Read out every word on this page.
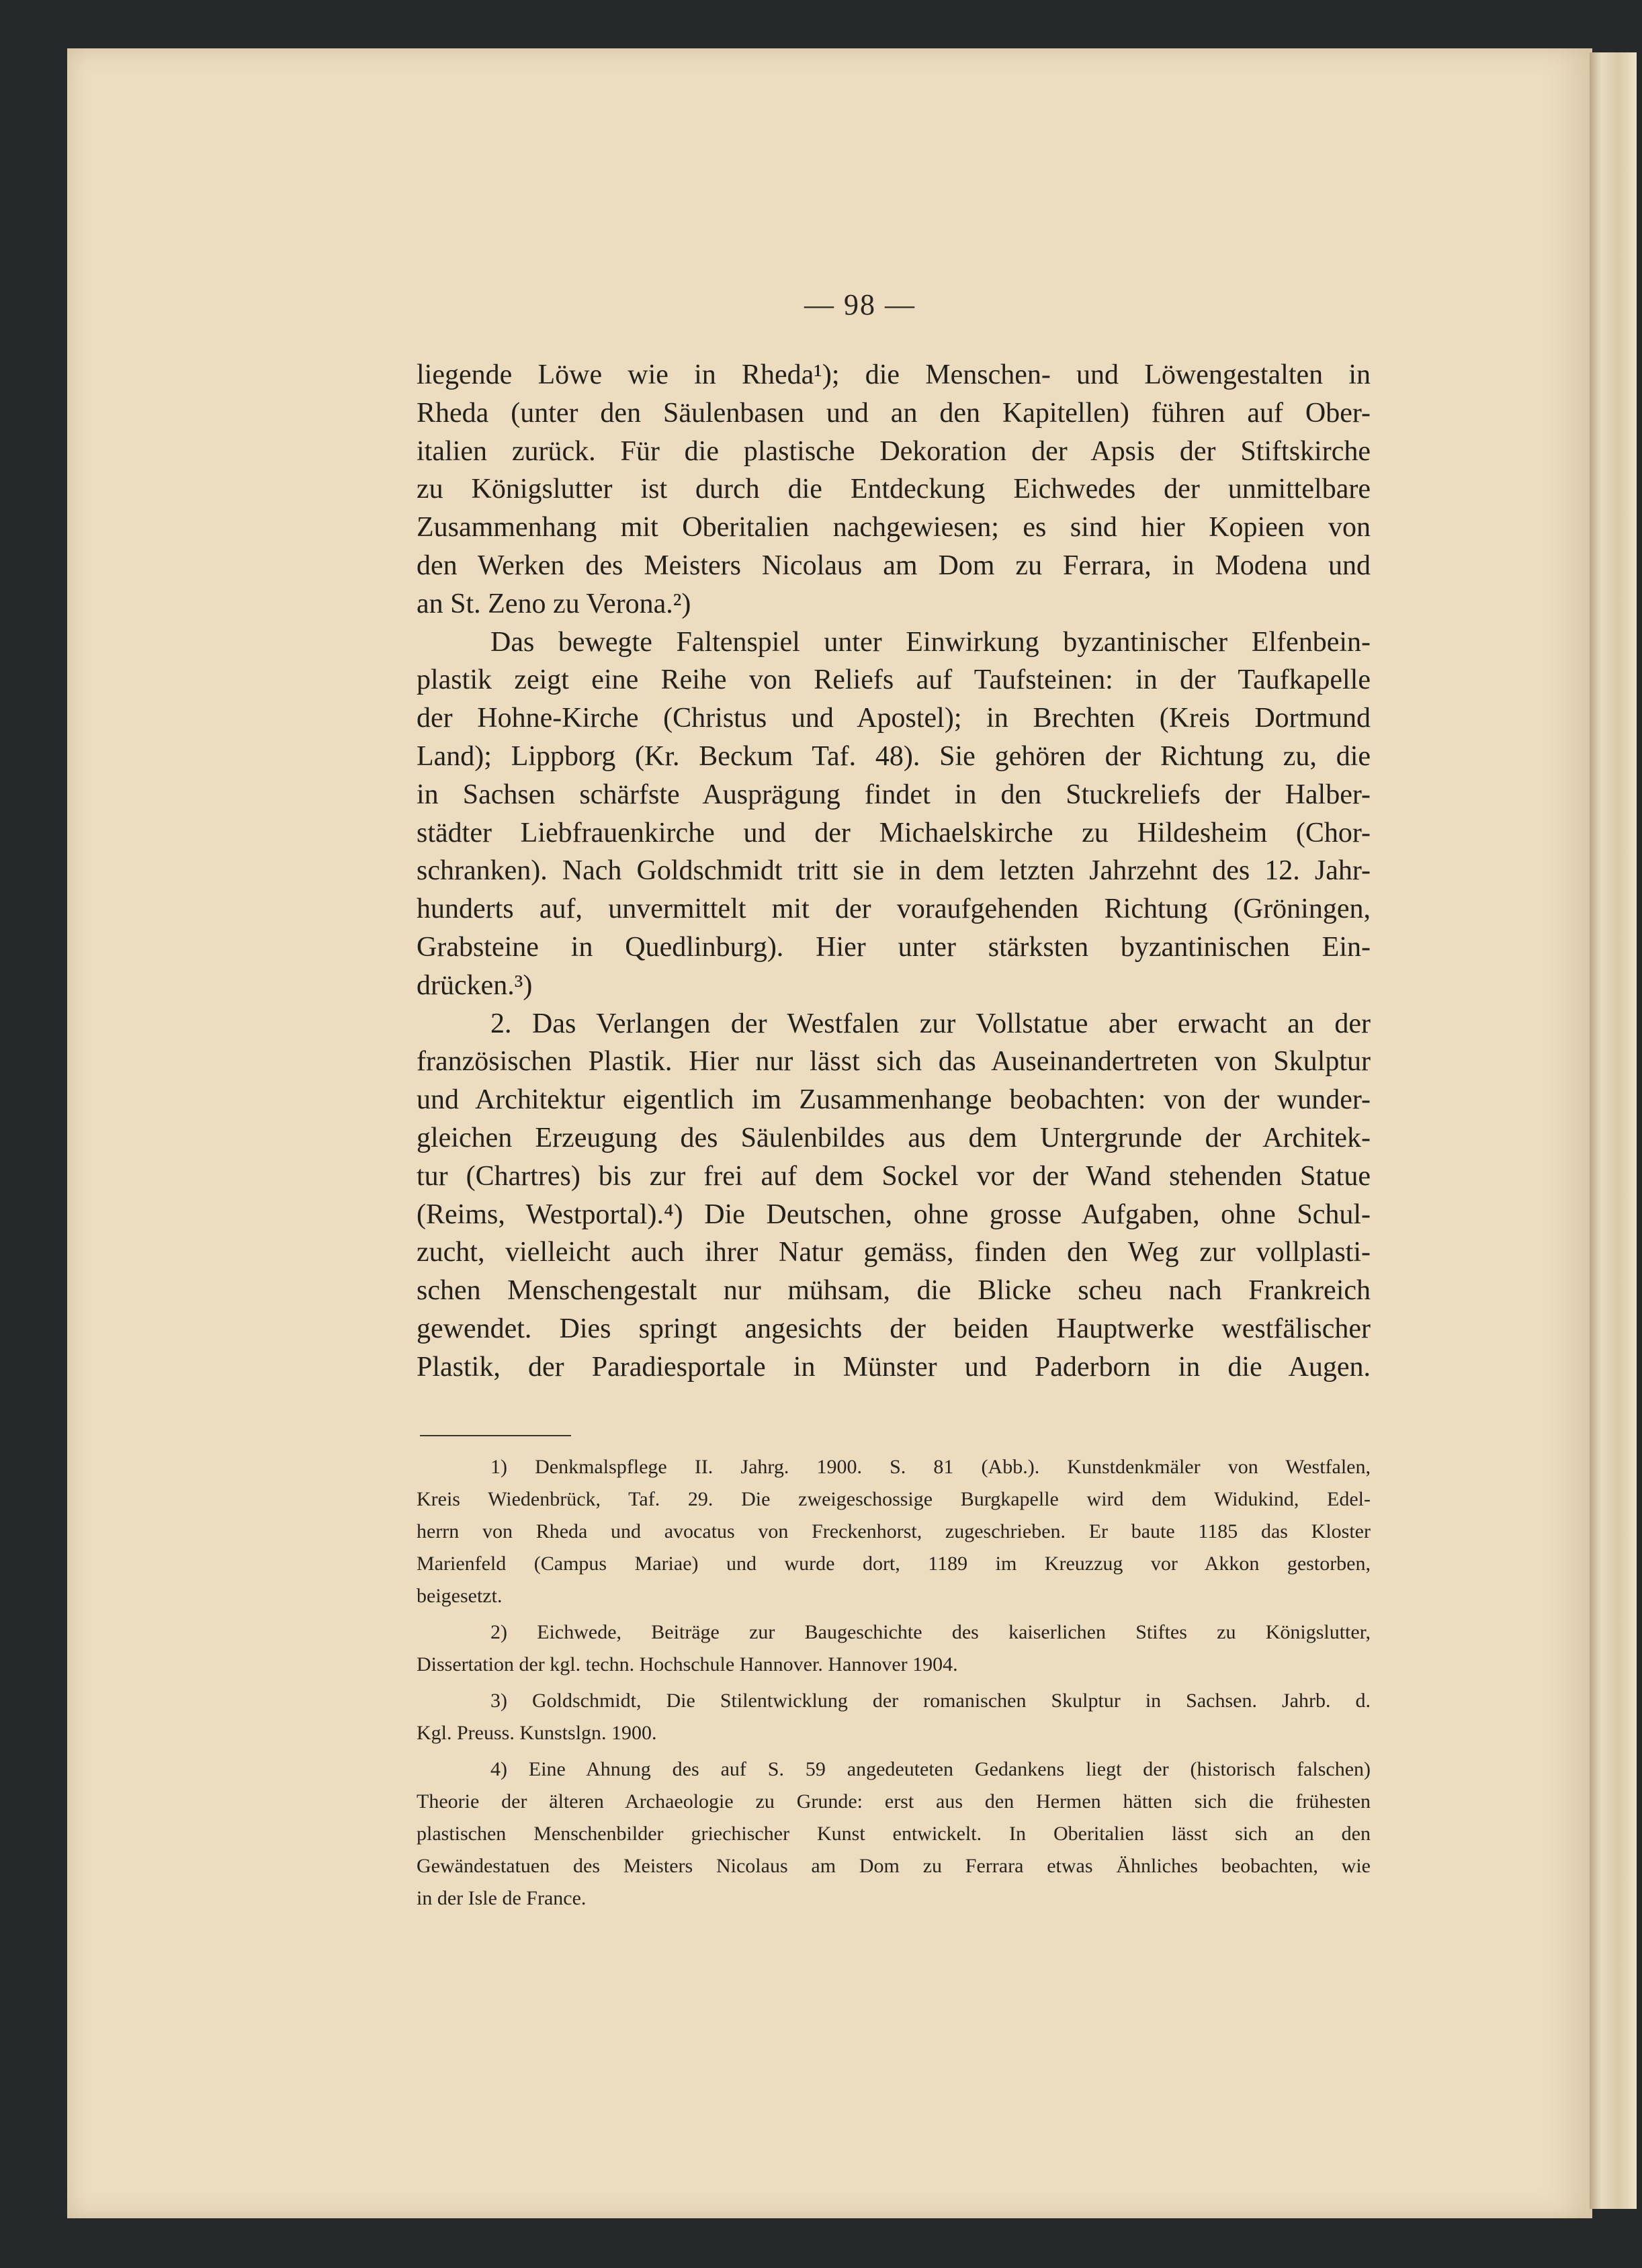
— 98 —
liegende Löwe wie in Rheda¹); die Menschen- und Löwengestalten in
Rheda (unter den Säulenbasen und an den Kapitellen) führen auf Ober-
italien zurück. Für die plastische Dekoration der Apsis der Stiftskirche
zu Königslutter ist durch die Entdeckung Eichwedes der unmittelbare
Zusammenhang mit Oberitalien nachgewiesen; es sind hier Kopieen von
den Werken des Meisters Nicolaus am Dom zu Ferrara, in Modena und
an St. Zeno zu Verona.²)
Das bewegte Faltenspiel unter Einwirkung byzantinischer Elfenbein-
plastik zeigt eine Reihe von Reliefs auf Taufsteinen: in der Taufkapelle
der Hohne-Kirche (Christus und Apostel); in Brechten (Kreis Dortmund
Land); Lippborg (Kr. Beckum Taf. 48). Sie gehören der Richtung zu, die
in Sachsen schärfste Ausprägung findet in den Stuckreliefs der Halber-
städter Liebfrauenkirche und der Michaelskirche zu Hildesheim (Chor-
schranken). Nach Goldschmidt tritt sie in dem letzten Jahrzehnt des 12. Jahr-
hunderts auf, unvermittelt mit der voraufgehenden Richtung (Gröningen,
Grabsteine in Quedlinburg). Hier unter stärksten byzantinischen Ein-
drücken.³)
2. Das Verlangen der Westfalen zur Vollstatue aber erwacht an der
französischen Plastik. Hier nur lässt sich das Auseinandertreten von Skulptur
und Architektur eigentlich im Zusammenhange beobachten: von der wunder-
gleichen Erzeugung des Säulenbildes aus dem Untergrunde der Architek-
tur (Chartres) bis zur frei auf dem Sockel vor der Wand stehenden Statue
(Reims, Westportal).⁴) Die Deutschen, ohne grosse Aufgaben, ohne Schul-
zucht, vielleicht auch ihrer Natur gemäss, finden den Weg zur vollplasti-
schen Menschengestalt nur mühsam, die Blicke scheu nach Frankreich
gewendet. Dies springt angesichts der beiden Hauptwerke westfälischer
Plastik, der Paradiesportale in Münster und Paderborn in die Augen.
1) Denkmalspflege II. Jahrg. 1900. S. 81 (Abb.). Kunstdenkmäler von Westfalen,
Kreis Wiedenbrück, Taf. 29. Die zweigeschossige Burgkapelle wird dem Widukind, Edel-
herrn von Rheda und avocatus von Freckenhorst, zugeschrieben. Er baute 1185 das Kloster
Marienfeld (Campus Mariae) und wurde dort, 1189 im Kreuzzug vor Akkon gestorben,
beigesetzt.
2) Eichwede, Beiträge zur Baugeschichte des kaiserlichen Stiftes zu Königslutter,
Dissertation der kgl. techn. Hochschule Hannover. Hannover 1904.
3) Goldschmidt, Die Stilentwicklung der romanischen Skulptur in Sachsen. Jahrb. d.
Kgl. Preuss. Kunstslgn. 1900.
4) Eine Ahnung des auf S. 59 angedeuteten Gedankens liegt der (historisch falschen)
Theorie der älteren Archaeologie zu Grunde: erst aus den Hermen hätten sich die frühesten
plastischen Menschenbilder griechischer Kunst entwickelt. In Oberitalien lässt sich an den
Gewändestatuen des Meisters Nicolaus am Dom zu Ferrara etwas Ähnliches beobachten, wie
in der Isle de France.
